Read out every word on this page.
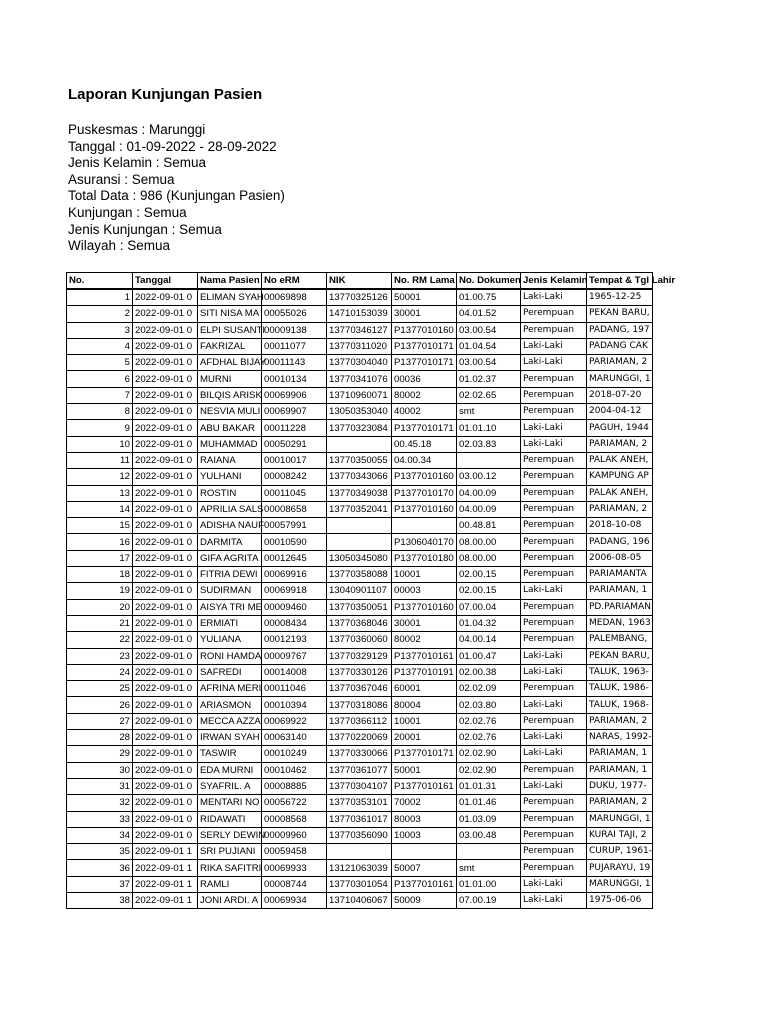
Laporan Kunjungan Pasien
Puskesmas : Marunggi
Tanggal : 01-09-2022 - 28-09-2022
Jenis Kelamin : Semua
Asuransi : Semua
Total Data : 986 (Kunjungan Pasien)
Kunjungan : Semua
Jenis Kunjungan : Semua
Wilayah : Semua
No.	Tanggal	Nama Pasien	No eRM	NIK	No. RM Lama	No. Dokumen	Jenis Kelamin	Tempat & Tgl Lahir
1	2022-09-01 0	ELIMAN SYAH	00069898	13770325126	50001	01.00.75	Laki-Laki	1965-12-25
2	2022-09-01 0	SITI NISA MA	00055026	14710153039	30001	04.01.52	Perempuan	PEKAN BARU,
3	2022-09-01 0	ELPI SUSANTI	00009138	13770346127	P1377010160	03.00.54	Perempuan	PADANG, 197
4	2022-09-01 0	FAKRIZAL	00011077	13770311020	P1377010171	01.04.54	Laki-Laki	PADANG CAK
5	2022-09-01 0	AFDHAL BIJAY	00011143	13770304040	P1377010171	03.00.54	Laki-Laki	PARIAMAN, 2
6	2022-09-01 0	MURNI	00010134	13770341076	00036	01.02.37	Perempuan	MARUNGGI, 1
7	2022-09-01 0	BILQIS ARISK	00069906	13710960071	80002	02.02.65	Perempuan	2018-07-20
8	2022-09-01 0	NESVIA MULI	00069907	13050353040	40002	smt	Perempuan	2004-04-12
9	2022-09-01 0	ABU BAKAR	00011228	13770323084	P1377010171	01.01.10	Laki-Laki	PAGUH, 1944
10	2022-09-01 0	MUHAMMAD	00050291		00.45.18	02.03.83	Laki-Laki	PARIAMAN, 2
11	2022-09-01 0	RAIANA	00010017	13770350055	04.00.34		Perempuan	PALAK ANEH,
12	2022-09-01 0	YULHANI	00008242	13770343066	P1377010160	03.00.12	Perempuan	KAMPUNG AP
13	2022-09-01 0	ROSTIN	00011045	13770349038	P1377010170	04.00.09	Perempuan	PALAK ANEH,
14	2022-09-01 0	APRILIA SALS	00008658	13770352041	P1377010160	04.00.09	Perempuan	PARIAMAN, 2
15	2022-09-01 0	ADISHA NAUF	00057991			00.48.81	Perempuan	2018-10-08
16	2022-09-01 0	DARMITA	00010590		P1306040170	08.00.00	Perempuan	PADANG, 196
17	2022-09-01 0	GIFA AGRITA	00012645	13050345080	P1377010180	08.00.00	Perempuan	2006-08-05
18	2022-09-01 0	FITRIA DEWI	00069916	13770358088	10001	02.00.15	Perempuan	PARIAMANTA
19	2022-09-01 0	SUDIRMAN	00069918	13040901107	00003	02.00.15	Laki-Laki	PARIAMAN, 1
20	2022-09-01 0	AISYA TRI ME	00009460	13770350051	P1377010160	07.00.04	Perempuan	PD.PARIAMAN
21	2022-09-01 0	ERMIATI	00008434	13770368046	30001	01.04.32	Perempuan	MEDAN, 1963
22	2022-09-01 0	YULIANA	00012193	13770360060	80002	04.00.14	Perempuan	PALEMBANG,
23	2022-09-01 0	RONI HAMDA	00009767	13770329129	P1377010161	01.00.47	Laki-Laki	PEKAN BARU,
24	2022-09-01 0	SAFREDI	00014008	13770330126	P1377010191	02.00.38	Laki-Laki	TALUK, 1963-
25	2022-09-01 0	AFRINA MERI	00011046	13770367046	60001	02.02.09	Perempuan	TALUK, 1986-
26	2022-09-01 0	ARIASMON	00010394	13770318086	80004	02.03.80	Laki-Laki	TALUK, 1968-
27	2022-09-01 0	MECCA AZZA	00069922	13770366112	10001	02.02.76	Perempuan	PARIAMAN, 2
28	2022-09-01 0	IRWAN SYAH	00063140	13770220069	20001	02.02.76	Laki-Laki	NARAS, 1992-
29	2022-09-01 0	TASWIR	00010249	13770330066	P1377010171	02.02.90	Laki-Laki	PARIAMAN, 1
30	2022-09-01 0	EDA MURNI	00010462	13770361077	50001	02.02.90	Perempuan	PARIAMAN, 1
31	2022-09-01 0	SYAFRIL. A	00008885	13770304107	P1377010161	01.01.31	Laki-Laki	DUKU, 1977-
32	2022-09-01 0	MENTARI NO	00056722	13770353101	70002	01.01.46	Perempuan	PARIAMAN, 2
33	2022-09-01 0	RIDAWATI	00008568	13770361017	80003	01.03.09	Perempuan	MARUNGGI, 1
34	2022-09-01 0	SERLY DEWIN	00009960	13770356090	10003	03.00.48	Perempuan	KURAI TAJI, 2
35	2022-09-01 1	SRI PUJIANI	00059458				Perempuan	CURUP, 1961-
36	2022-09-01 1	RIKA SAFITRI	00069933	13121063039	50007	smt	Perempuan	PUJARAYU, 19
37	2022-09-01 1	RAMLI	00008744	13770301054	P1377010161	01.01.00	Laki-Laki	MARUNGGI, 1
38	2022-09-01 1	JONI ARDI. A	00069934	13710406067	50009	07.00.19	Laki-Laki	1975-06-06
